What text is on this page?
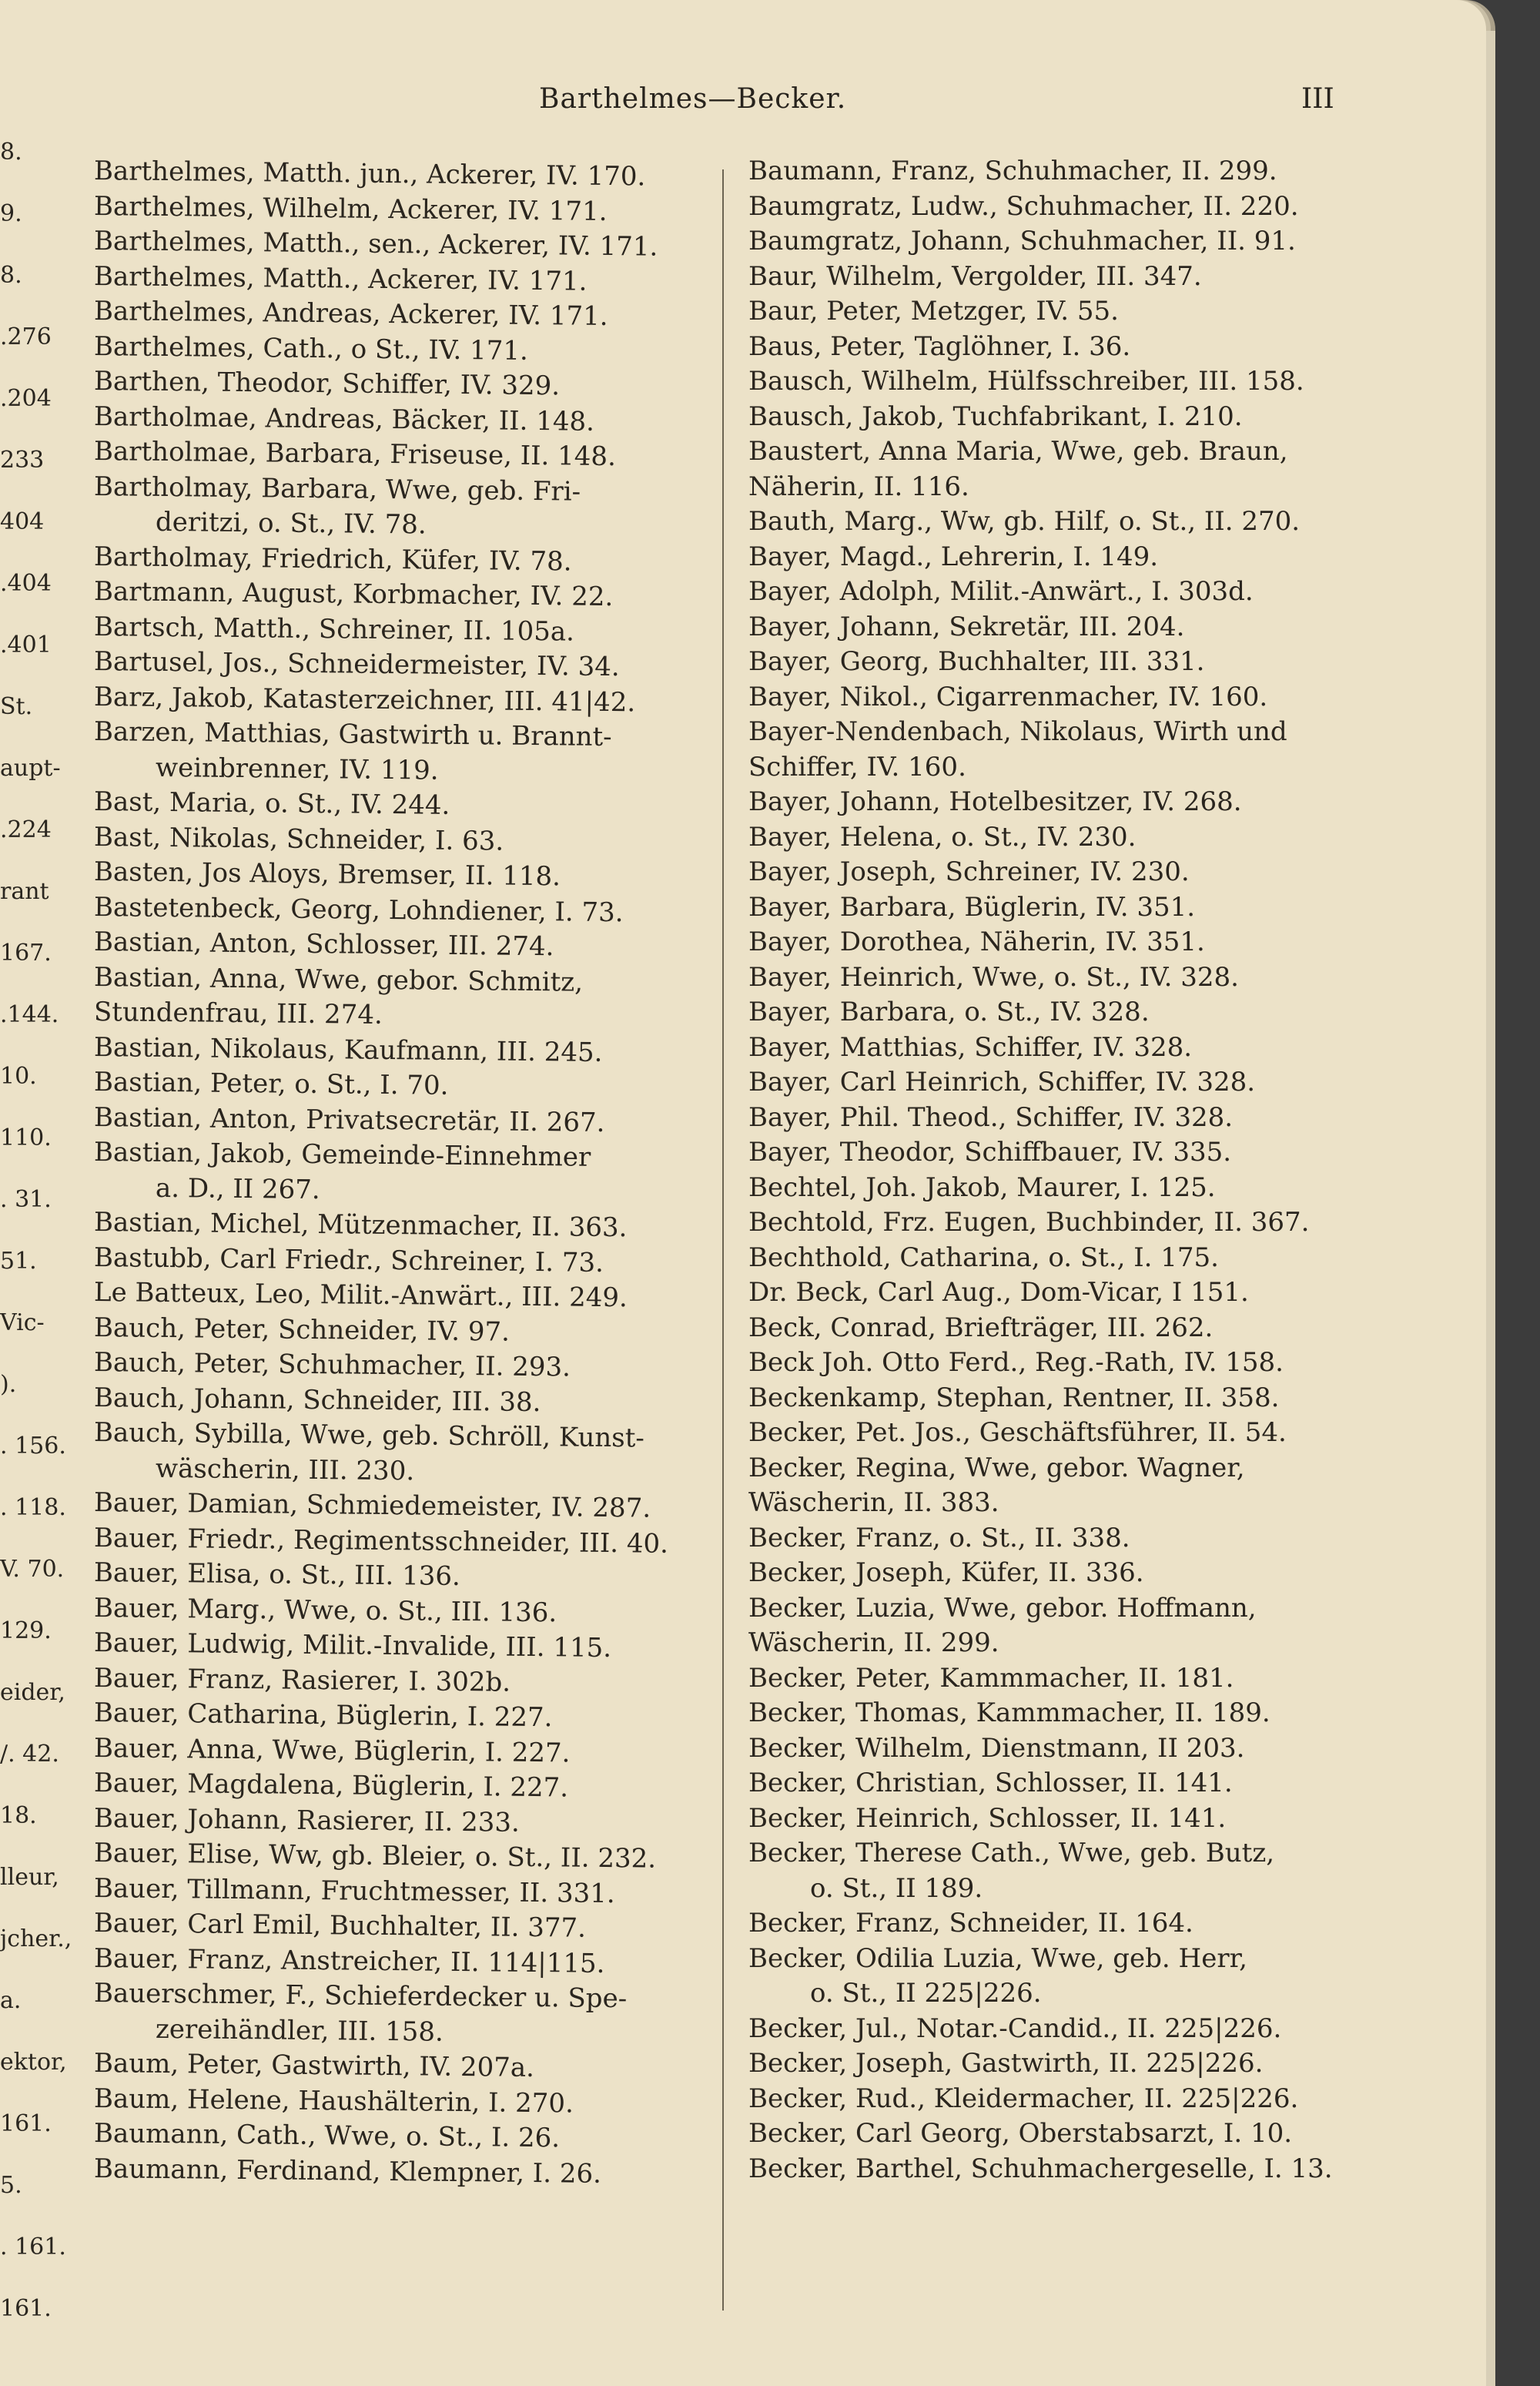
Barthelmes—Becker.	III
8.
9.
8.
.276
.204
233
404
.404
.401
St.
aupt-
.224
rant
167.
.144.
10.
110.
. 31.
51.
Vic-
).
. 156.
. 118.
V. 70.
129.
eider,
/. 42.
18.
lleur,
jcher.,
a.
ektor,
161.
5.
. 161.
161.
Barthelmes, Matth. jun., Ackerer, IV. 170.
Barthelmes, Wilhelm, Ackerer, IV. 171.
Barthelmes, Matth., sen., Ackerer, IV. 171.
Barthelmes, Matth., Ackerer, IV. 171.
Barthelmes, Andreas, Ackerer, IV. 171.
Barthelmes, Cath., o St., IV. 171.
Barthen, Theodor, Schiffer, IV. 329.
Bartholmae, Andreas, Bäcker, II. 148.
Bartholmae, Barbara, Friseuse, II. 148.
Bartholmay, Barbara, Wwe, geb. Fri-
deritzi, o. St., IV. 78.
Bartholmay, Friedrich, Küfer, IV. 78.
Bartmann, August, Korbmacher, IV. 22.
Bartsch, Matth., Schreiner, II. 105a.
Bartusel, Jos., Schneidermeister, IV. 34.
Barz, Jakob, Katasterzeichner, III. 41|42.
Barzen, Matthias, Gastwirth u. Brannt-
weinbrenner, IV. 119.
Bast, Maria, o. St., IV. 244.
Bast, Nikolas, Schneider, I. 63.
Basten, Jos Aloys, Bremser, II. 118.
Bastetenbeck, Georg, Lohndiener, I. 73.
Bastian, Anton, Schlosser, III. 274.
Bastian, Anna, Wwe, gebor. Schmitz,
Stundenfrau, III. 274.
Bastian, Nikolaus, Kaufmann, III. 245.
Bastian, Peter, o. St., I. 70.
Bastian, Anton, Privatsecretär, II. 267.
Bastian, Jakob, Gemeinde-Einnehmer
a. D., II 267.
Bastian, Michel, Mützenmacher, II. 363.
Bastubb, Carl Friedr., Schreiner, I. 73.
Le Batteux, Leo, Milit.-Anwärt., III. 249.
Bauch, Peter, Schneider, IV. 97.
Bauch, Peter, Schuhmacher, II. 293.
Bauch, Johann, Schneider, III. 38.
Bauch, Sybilla, Wwe, geb. Schröll, Kunst-
wäscherin, III. 230.
Bauer, Damian, Schmiedemeister, IV. 287.
Bauer, Friedr., Regimentsschneider, III. 40.
Bauer, Elisa, o. St., III. 136.
Bauer, Marg., Wwe, o. St., III. 136.
Bauer, Ludwig, Milit.-Invalide, III. 115.
Bauer, Franz, Rasierer, I. 302b.
Bauer, Catharina, Büglerin, I. 227.
Bauer, Anna, Wwe, Büglerin, I. 227.
Bauer, Magdalena, Büglerin, I. 227.
Bauer, Johann, Rasierer, II. 233.
Bauer, Elise, Ww, gb. Bleier, o. St., II. 232.
Bauer, Tillmann, Fruchtmesser, II. 331.
Bauer, Carl Emil, Buchhalter, II. 377.
Bauer, Franz, Anstreicher, II. 114|115.
Bauerschmer, F., Schieferdecker u. Spe-
zereihändler, III. 158.
Baum, Peter, Gastwirth, IV. 207a.
Baum, Helene, Haushälterin, I. 270.
Baumann, Cath., Wwe, o. St., I. 26.
Baumann, Ferdinand, Klempner, I. 26.
Baumann, Franz, Schuhmacher, II. 299.
Baumgratz, Ludw., Schuhmacher, II. 220.
Baumgratz, Johann, Schuhmacher, II. 91.
Baur, Wilhelm, Vergolder, III. 347.
Baur, Peter, Metzger, IV. 55.
Baus, Peter, Taglöhner, I. 36.
Bausch, Wilhelm, Hülfsschreiber, III. 158.
Bausch, Jakob, Tuchfabrikant, I. 210.
Baustert, Anna Maria, Wwe, geb. Braun,
Näherin, II. 116.
Bauth, Marg., Ww, gb. Hilf, o. St., II. 270.
Bayer, Magd., Lehrerin, I. 149.
Bayer, Adolph, Milit.-Anwärt., I. 303d.
Bayer, Johann, Sekretär, III. 204.
Bayer, Georg, Buchhalter, III. 331.
Bayer, Nikol., Cigarrenmacher, IV. 160.
Bayer-Nendenbach, Nikolaus, Wirth und
Schiffer, IV. 160.
Bayer, Johann, Hotelbesitzer, IV. 268.
Bayer, Helena, o. St., IV. 230.
Bayer, Joseph, Schreiner, IV. 230.
Bayer, Barbara, Büglerin, IV. 351.
Bayer, Dorothea, Näherin, IV. 351.
Bayer, Heinrich, Wwe, o. St., IV. 328.
Bayer, Barbara, o. St., IV. 328.
Bayer, Matthias, Schiffer, IV. 328.
Bayer, Carl Heinrich, Schiffer, IV. 328.
Bayer, Phil. Theod., Schiffer, IV. 328.
Bayer, Theodor, Schiffbauer, IV. 335.
Bechtel, Joh. Jakob, Maurer, I. 125.
Bechtold, Frz. Eugen, Buchbinder, II. 367.
Bechthold, Catharina, o. St., I. 175.
Dr. Beck, Carl Aug., Dom-Vicar, I 151.
Beck, Conrad, Briefträger, III. 262.
Beck Joh. Otto Ferd., Reg.-Rath, IV. 158.
Beckenkamp, Stephan, Rentner, II. 358.
Becker, Pet. Jos., Geschäftsführer, II. 54.
Becker, Regina, Wwe, gebor. Wagner,
Wäscherin, II. 383.
Becker, Franz, o. St., II. 338.
Becker, Joseph, Küfer, II. 336.
Becker, Luzia, Wwe, gebor. Hoffmann,
Wäscherin, II. 299.
Becker, Peter, Kammmacher, II. 181.
Becker, Thomas, Kammmacher, II. 189.
Becker, Wilhelm, Dienstmann, II 203.
Becker, Christian, Schlosser, II. 141.
Becker, Heinrich, Schlosser, II. 141.
Becker, Therese Cath., Wwe, geb. Butz,
o. St., II 189.
Becker, Franz, Schneider, II. 164.
Becker, Odilia Luzia, Wwe, geb. Herr,
o. St., II 225|226.
Becker, Jul., Notar.-Candid., II. 225|226.
Becker, Joseph, Gastwirth, II. 225|226.
Becker, Rud., Kleidermacher, II. 225|226.
Becker, Carl Georg, Oberstabsarzt, I. 10.
Becker, Barthel, Schuhmachergeselle, I. 13.
